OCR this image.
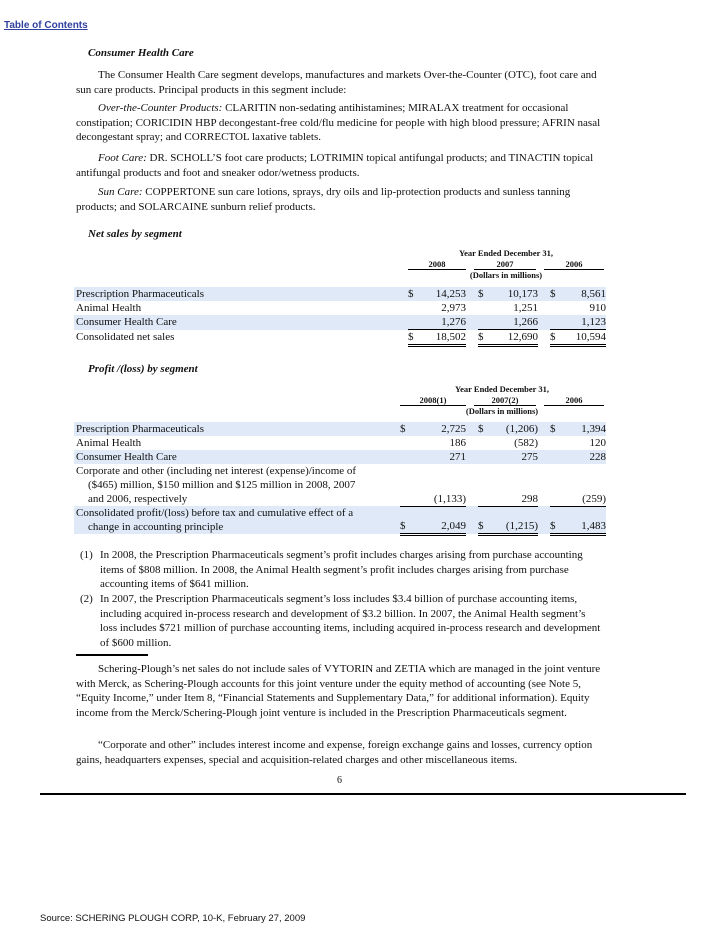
Table of Contents
Consumer Health Care
The Consumer Health Care segment develops, manufactures and markets Over-the-Counter (OTC), foot care and sun care products. Principal products in this segment include:
Over-the-Counter Products: CLARITIN non-sedating antihistamines; MIRALAX treatment for occasional constipation; CORICIDIN HBP decongestant-free cold/flu medicine for people with high blood pressure; AFRIN nasal decongestant spray; and CORRECTOL laxative tablets.
Foot Care: DR. SCHOLL’S foot care products; LOTRIMIN topical antifungal products; and TINACTIN topical antifungal products and foot and sneaker odor/wetness products.
Sun Care: COPPERTONE sun care lotions, sprays, dry oils and lip-protection products and sunless tanning products; and SOLARCAINE sunburn relief products.
Net sales by segment
Year Ended December 31,
2008	2007	2006
(Dollars in millions)
Prescription Pharmaceuticals	$	14,253		$	10,173		$	8,561
Animal Health		2,973			1,251			910
Consumer Health Care		1,276			1,266			1,123
Consolidated net sales	$	18,502		$	12,690		$	10,594
Profit /(loss) by segment
Year Ended December 31,
2008(1)	2007(2)	2006
(Dollars in millions)
Prescription Pharmaceuticals	$	2,725		$	(1,206)		$	1,394
Animal Health		186			(582)			120
Consumer Health Care		271			275			228

Corporate and other (including net interest (expense)/income of
($465) million, $150 million and $125 million in 2008, 2007
and 2006, respectively		(1,133)			298			(259)

Consolidated profit/(loss) before tax and cumulative effect of a
change in accounting principle	$	2,049		$	(1,215)		$	1,483
(1) In 2008, the Prescription Pharmaceuticals segment’s profit includes charges arising from purchase accounting items of $808 million. In 2008, the Animal Health segment’s profit includes charges arising from purchase accounting items of $641 million.
(2) In 2007, the Prescription Pharmaceuticals segment’s loss includes $3.4 billion of purchase accounting items, including acquired in-process research and development of $3.2 billion. In 2007, the Animal Health segment’s loss includes $721 million of purchase accounting items, including acquired in-process research and development of $600 million.
Schering-Plough’s net sales do not include sales of VYTORIN and ZETIA which are managed in the joint venture with Merck, as Schering-Plough accounts for this joint venture under the equity method of accounting (see Note 5, “Equity Income,” under Item 8, “Financial Statements and Supplementary Data,” for additional information). Equity income from the Merck/Schering-Plough joint venture is included in the Prescription Pharmaceuticals segment.
“Corporate and other” includes interest income and expense, foreign exchange gains and losses, currency option gains, headquarters expenses, special and acquisition-related charges and other miscellaneous items.
6
Source: SCHERING PLOUGH CORP, 10-K, February 27, 2009
